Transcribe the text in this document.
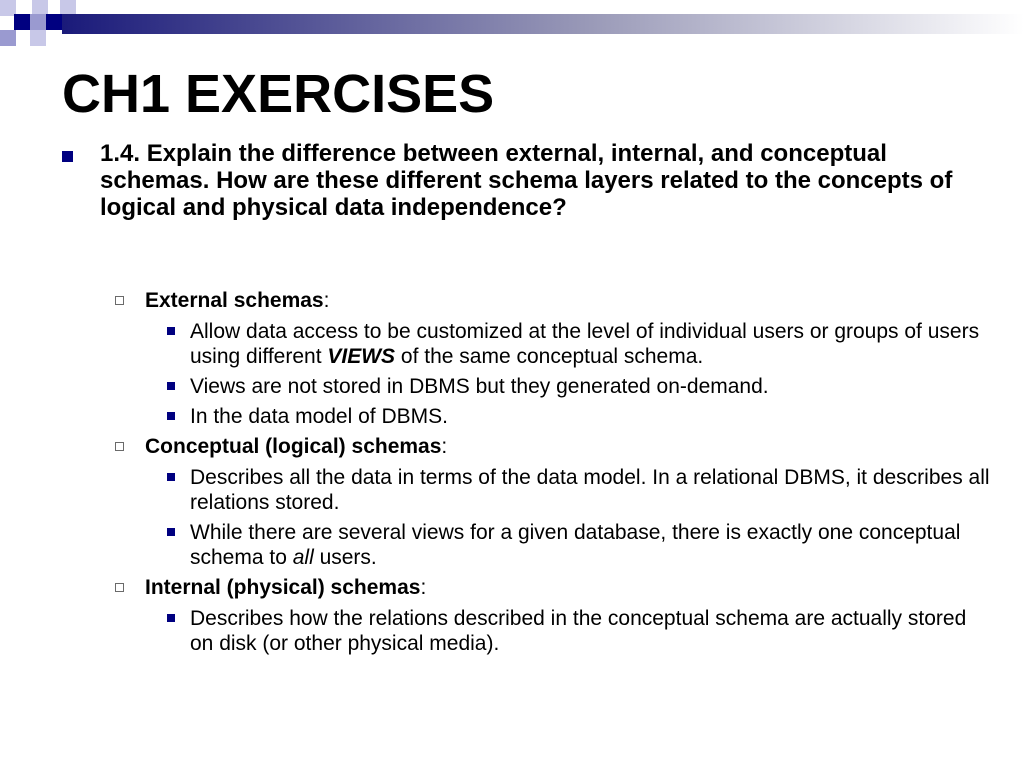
CH1 EXERCISES

1.4. Explain the difference between external, internal, and conceptual schemas. How are these different schema layers related to the concepts of logical and physical data independence?

External schemas:
Allow data access to be customized at the level of individual users or groups of users using different VIEWS of the same conceptual schema.
Views are not stored in DBMS but they generated on-demand.
In the data model of DBMS.
Conceptual (logical) schemas:
Describes all the data in terms of the data model. In a relational DBMS, it describes all relations stored.
While there are several views for a given database, there is exactly one conceptual schema to all users.
Internal (physical) schemas:
Describes how the relations described in the conceptual schema are actually stored on disk (or other physical media).
